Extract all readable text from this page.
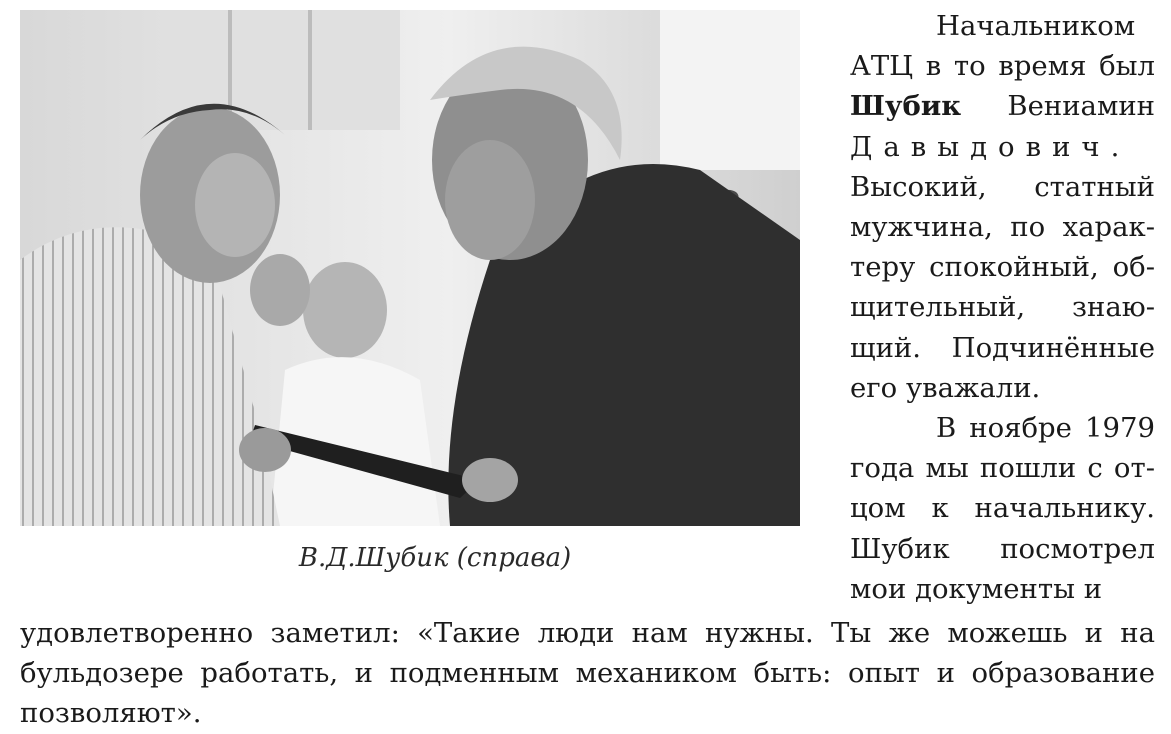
В.Д.Шубик (справа)

Начальником АТЦ в то время был Шубик Вениамин Давыдович. Высокий, статный мужчина, по харак- теру спокойный, об- щительный, знаю- щий. Подчинённые его уважали.

В ноябре 1979 года мы пошли с от- цом к начальнику. Шубик посмотрел мои документы и

удовлетворенно заметил: «Такие люди нам нужны. Ты же можешь и на бульдозере работать, и подменным механиком быть: опыт и образование позволяют».
